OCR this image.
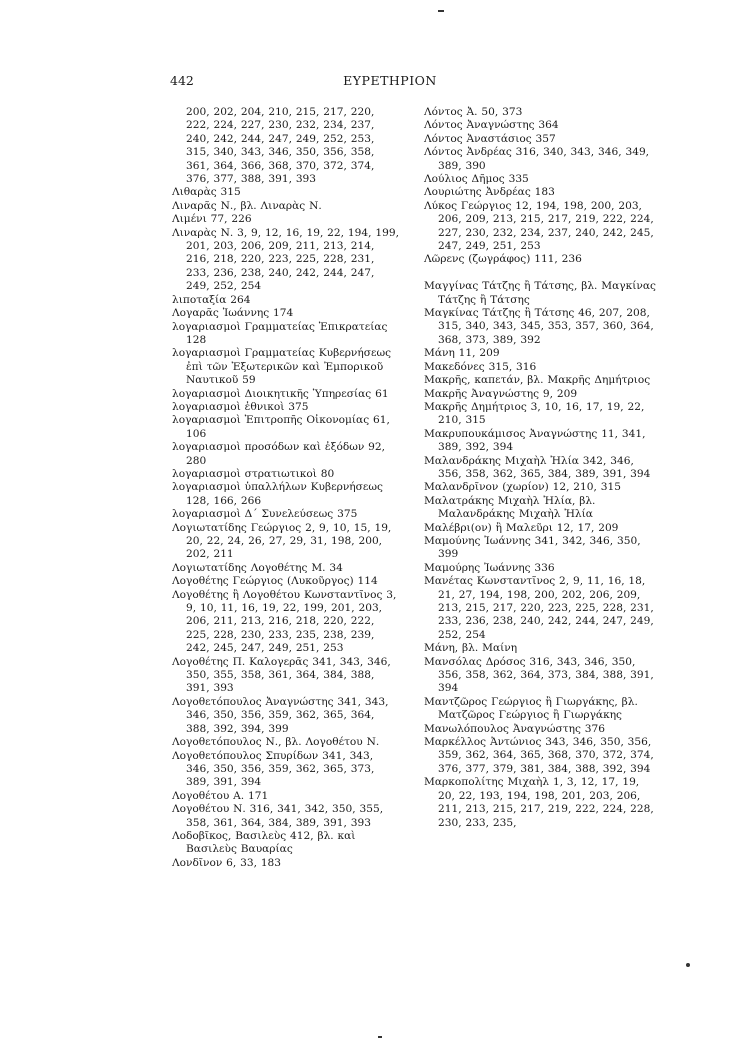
442	ΕΥΡΕΤΗΡΙΟΝ
200, 202, 204, 210, 215, 217, 220,
222, 224, 227, 230, 232, 234, 237,
240, 242, 244, 247, 249, 252, 253,
315, 340, 343, 346, 350, 356, 358,
361, 364, 366, 368, 370, 372, 374,
376, 377, 388, 391, 393
Λιθαρὰς 315
Λιναρᾶς Ν., βλ. Λιναρὰς Ν.
Λιμένι 77, 226
Λιναρὰς Ν. 3, 9, 12, 16, 19, 22, 194, 199, 201, 203, 206, 209, 211, 213, 214, 216, 218, 220, 223, 225, 228, 231, 233, 236, 238, 240, 242, 244, 247, 249, 252, 254
λιποταξία 264
Λογαρᾶς Ἰωάννης 174
λογαριασμοὶ Γραμματείας Ἐπικρατείας 128
λογαριασμοὶ Γραμματείας Κυβερνήσεως ἐπὶ τῶν Ἐξωτερικῶν καὶ Ἐμπορικοῦ Ναυτικοῦ 59
λογαριασμοὶ Διοικητικῆς Ὑπηρεσίας 61
λογαριασμοὶ ἐθνικοὶ 375
λογαριασμοὶ Ἐπιτροπῆς Οἰκονομίας 61, 106
λογαριασμοὶ προσόδων καὶ ἐξόδων 92, 280
λογαριασμοὶ στρατιωτικοὶ 80
λογαριασμοὶ ὑπαλλήλων Κυβερνήσεως 128, 166, 266
λογαριασμοὶ Δ΄ Συνελεύσεως 375
Λογιωτατίδης Γεώργιος 2, 9, 10, 15, 19, 20, 22, 24, 26, 27, 29, 31, 198, 200, 202, 211
Λογιωτατίδης Λογοθέτης Μ. 34
Λογοθέτης Γεώργιος (Λυκοῦργος) 114
Λογοθέτης ἢ Λογοθέτου Κωνσταντῖνος 3, 9, 10, 11, 16, 19, 22, 199, 201, 203, 206, 211, 213, 216, 218, 220, 222, 225, 228, 230, 233, 235, 238, 239, 242, 245, 247, 249, 251, 253
Λογοθέτης Π. Καλογερᾶς 341, 343, 346, 350, 355, 358, 361, 364, 384, 388, 391, 393
Λογοθετόπουλος Ἀναγνώστης 341, 343, 346, 350, 356, 359, 362, 365, 364, 388, 392, 394, 399
Λογοθετόπουλος Ν., βλ. Λογοθέτου Ν.
Λογοθετόπουλος Σπυρίδων 341, 343, 346, 350, 356, 359, 362, 365, 373, 389, 391, 394
Λογοθέτου Α. 171
Λογοθέτου Ν. 316, 341, 342, 350, 355, 358, 361, 364, 384, 389, 391, 393
Λοδοβῖκος, Βασιλεὺς 412, βλ. καὶ Βασιλεὺς Βαυαρίας
Λονδῖνον 6, 33, 183
Λόντος Ἀ. 50, 373
Λόντος Ἀναγνώστης 364
Λόντος Ἀναστάσιος 357
Λόντος Ἀνδρέας 316, 340, 343, 346, 349, 389, 390
Λούλιος Δῆμος 335
Λουριώτης Ἀνδρέας 183
Λύκος Γεώργιος 12, 194, 198, 200, 203, 206, 209, 213, 215, 217, 219, 222, 224, 227, 230, 232, 234, 237, 240, 242, 245, 247, 249, 251, 253
Λῶρενς (ζωγράφος) 111, 236
Μαγγίνας Τάτζης ἢ Τάτσης, βλ. Μαγκίνας Τάτζης ἢ Τάτσης
Μαγκίνας Τάτζης ἢ Τάτσης 46, 207, 208, 315, 340, 343, 345, 353, 357, 360, 364, 368, 373, 389, 392
Μάνη 11, 209
Μακεδόνες 315, 316
Μακρῆς, καπετάν, βλ. Μακρῆς Δημήτριος
Μακρῆς Ἀναγνώστης 9, 209
Μακρῆς Δημήτριος 3, 10, 16, 17, 19, 22, 210, 315
Μακρυπουκάμισος Ἀναγνώστης 11, 341, 389, 392, 394
Μαλανδράκης Μιχαὴλ Ἠλία 342, 346, 356, 358, 362, 365, 384, 389, 391, 394
Μαλανδρῖνον (χωρίον) 12, 210, 315
Μαλατράκης Μιχαὴλ Ἠλία, βλ. Μαλανδράκης Μιχαὴλ Ἠλία
Μαλέβρι(ον) ἢ Μαλεῦρι 12, 17, 209
Μαμούνης Ἰωάννης 341, 342, 346, 350, 399
Μαμούρης Ἰωάννης 336
Μανέτας Κωνσταντῖνος 2, 9, 11, 16, 18, 21, 27, 194, 198, 200, 202, 206, 209, 213, 215, 217, 220, 223, 225, 228, 231, 233, 236, 238, 240, 242, 244, 247, 249, 252, 254
Μάνη, βλ. Μαίνη
Μανσόλας Δρόσος 316, 343, 346, 350, 356, 358, 362, 364, 373, 384, 388, 391, 394
Μαντζῶρος Γεώργιος ἢ Γιωργάκης, βλ. Ματζῶρος Γεώργιος ἢ Γιωργάκης
Μανωλόπουλος Ἀναγνώστης 376
Μαρκέλλος Ἀντώνιος 343, 346, 350, 356, 359, 362, 364, 365, 368, 370, 372, 374, 376, 377, 379, 381, 384, 388, 392, 394
Μαρκοπολίτης Μιχαὴλ 1, 3, 12, 17, 19, 20, 22, 193, 194, 198, 201, 203, 206, 211, 213, 215, 217, 219, 222, 224, 228, 230, 233, 235,
